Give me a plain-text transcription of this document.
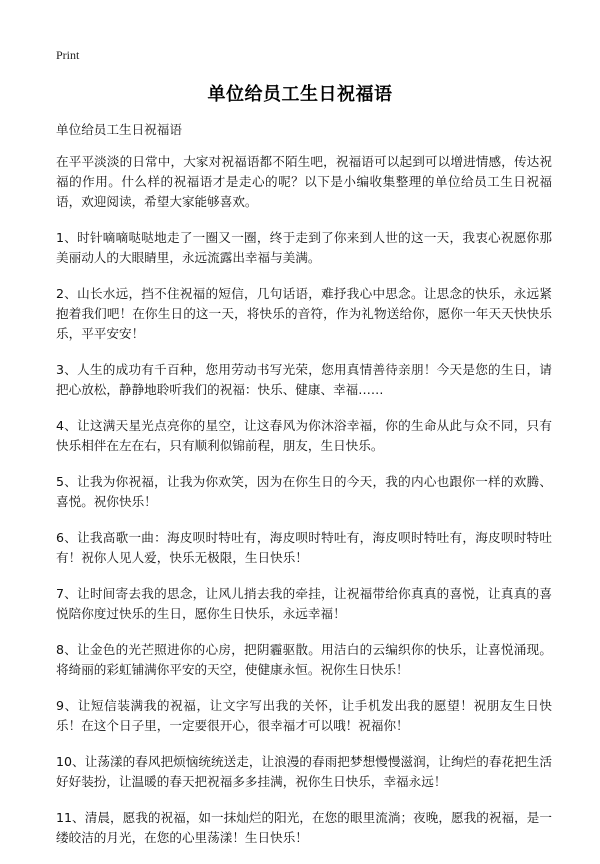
Print
单位给员工生日祝福语

单位给员工生日祝福语

在平平淡淡的日常中，大家对祝福语都不陌生吧，祝福语可以起到可以增进情感，传达祝福的作用。什么样的祝福语才是走心的呢？以下是小编收集整理的单位给员工生日祝福语，欢迎阅读，希望大家能够喜欢。

1、时针嘀嘀哒哒地走了一圈又一圈，终于走到了你来到人世的这一天，我衷心祝愿你那美丽动人的大眼睛里，永远流露出幸福与美满。

2、山长水远，挡不住祝福的短信，几句话语，难抒我心中思念。让思念的快乐，永远紧抱着我们吧！在你生日的这一天，将快乐的音符，作为礼物送给你，愿你一年天天快快乐乐，平平安安！

3、人生的成功有千百种，您用劳动书写光荣，您用真情善待亲朋！今天是您的生日，请把心放松，静静地聆听我们的祝福：快乐、健康、幸福……

4、让这满天星光点亮你的星空，让这春风为你沐浴幸福，你的生命从此与众不同，只有快乐相伴在左在右，只有顺利似锦前程，朋友，生日快乐。

5、让我为你祝福，让我为你欢笑，因为在你生日的今天，我的内心也跟你一样的欢腾、喜悦。祝你快乐！

6、让我高歌一曲：海皮呗时特吐有，海皮呗时特吐有，海皮呗时特吐有，海皮呗时特吐有！祝你人见人爱，快乐无极限，生日快乐！

7、让时间寄去我的思念，让风儿捎去我的牵挂，让祝福带给你真真的喜悦，让真真的喜悦陪你度过快乐的生日，愿你生日快乐，永远幸福！

8、让金色的光芒照进你的心房，把阴霾驱散。用洁白的云编织你的快乐，让喜悦涌现。将绮丽的彩虹铺满你平安的天空，使健康永恒。祝你生日快乐！

9、让短信装满我的祝福，让文字写出我的关怀，让手机发出我的愿望！祝朋友生日快乐！在这个日子里，一定要很开心，很幸福才可以哦！祝福你！

10、让荡漾的春风把烦恼统统送走，让浪漫的春雨把梦想慢慢滋润，让绚烂的春花把生活好好装扮，让温暖的春天把祝福多多挂满，祝你生日快乐，幸福永远！

11、清晨，愿我的祝福，如一抹灿烂的阳光，在您的眼里流淌；夜晚，愿我的祝福，是一缕皎洁的月光，在您的心里荡漾！生日快乐！
